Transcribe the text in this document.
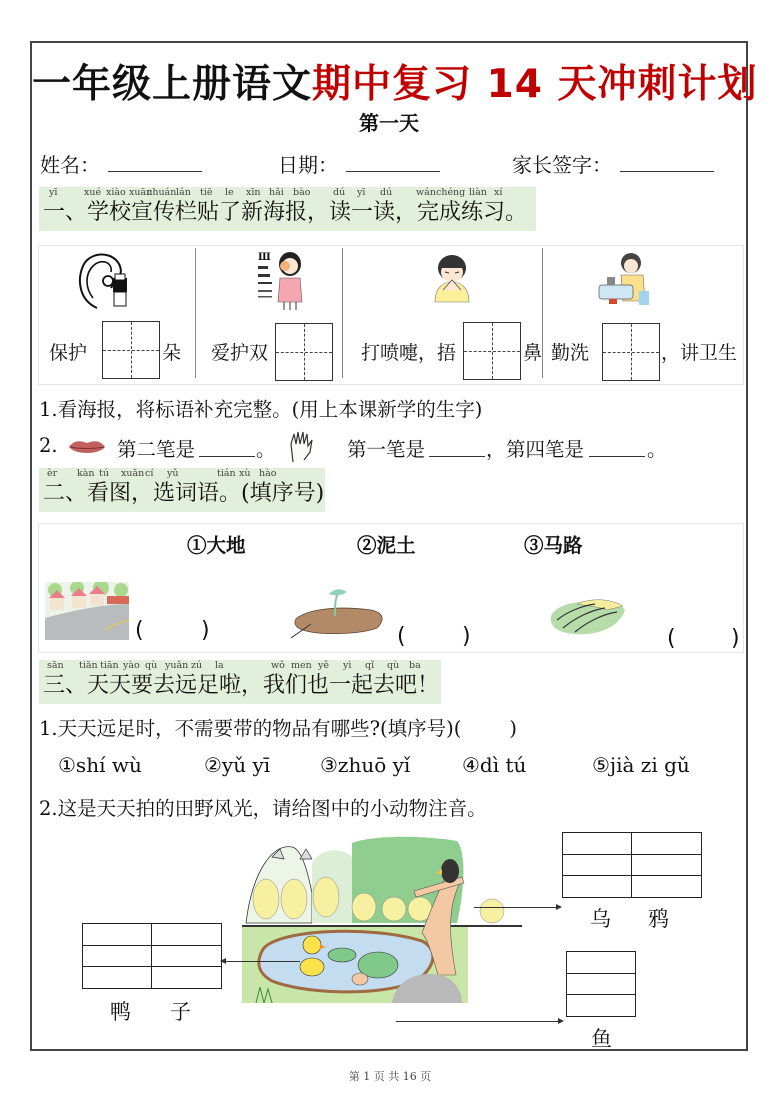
一年级上册语文期中复习 14 天冲刺计划
第一天
姓名：	日期：	家长签字：
yī	xué xiào xuān
chuán lán tiē le xīn hǎi bào dú yī dú	wán chéng liàn xí
一、学校宣传栏贴了新海报，读一读，完成练习。
保护	朵
Ш
爱护双	打喷嚏，捂	鼻 勤洗	，讲卫生
1.看海报，将标语补充完整。(用上本课新学的生字)
2.	第二笔是	。	第一笔是	， 第四笔是	。
èr kàn tú xuǎn cí yǔ	tián xù hào
二、看图，选词语。(填序号)
①大地	②泥土	③马路
(	)	(	)	(	)
sān tiān tiān yào qù yuǎn zú la	wǒ men yě yì qǐ qù ba
三、天天要去远足啦，我们也一起去吧！
1.天天远足时，不需要带的物品有哪些?(填序号)( )
①shí wù	②yǔ yī ③zhuō yǐ	④dì tú	⑤jià zi gǔ
2.这是天天拍的田野风光，请给图中的小动物注音。
乌 鸦
鸭 子
鱼
第 1 页 共 16 页
